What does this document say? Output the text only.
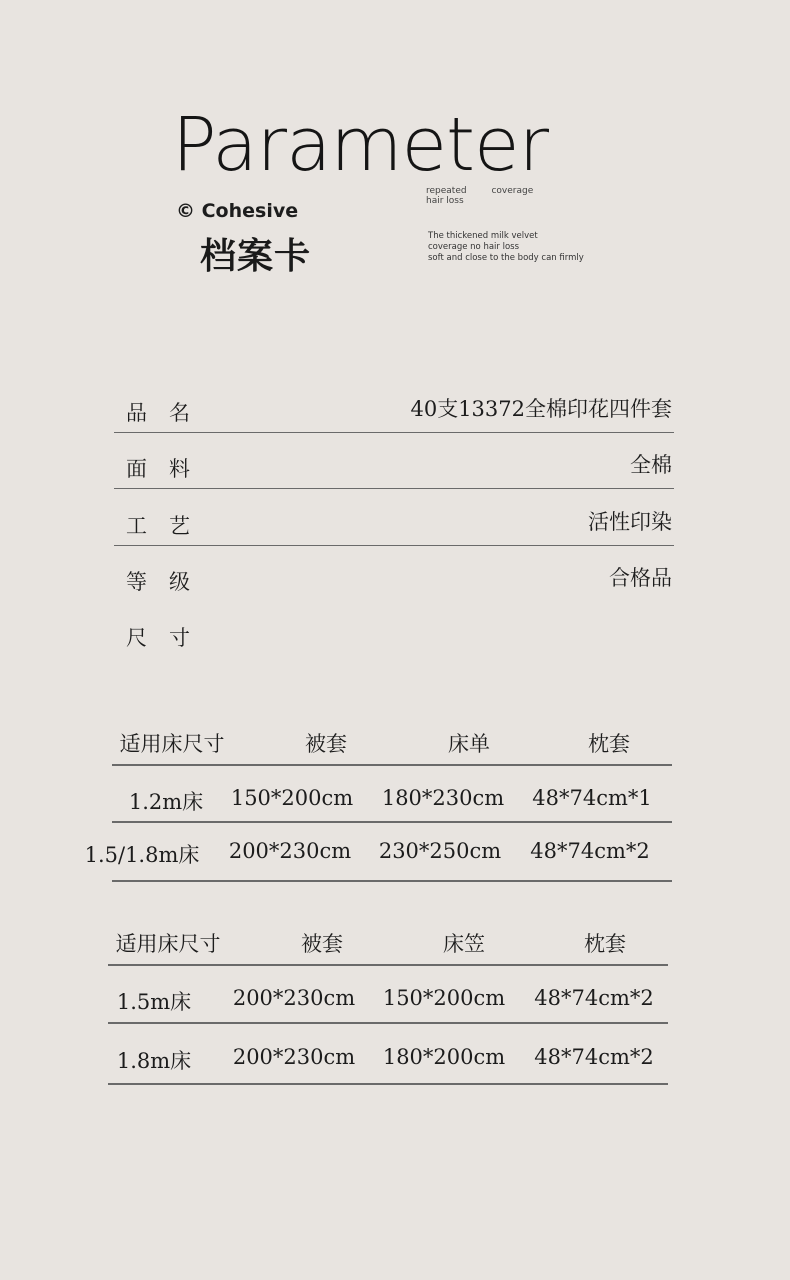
Parameter
repeated	coverage hair loss
© Cohesive
档案卡	The thickened milk velvet
coverage no hair loss
soft and close to the body can firmly
品名	40支13372全棉印花四件套
面料	全棉
工艺	活性印染
等级	合格品
尺寸
适用床尺寸	被套	床单	枕套
1.2m床 150*200cm 180*230cm 48*74cm*1
1.5/1.8m床 200*230cm 230*250cm 48*74cm*2
适用床尺寸	被套	床笠	枕套
1.5m床 200*230cm 150*200cm 48*74cm*2
1.8m床 200*230cm 180*200cm 48*74cm*2
